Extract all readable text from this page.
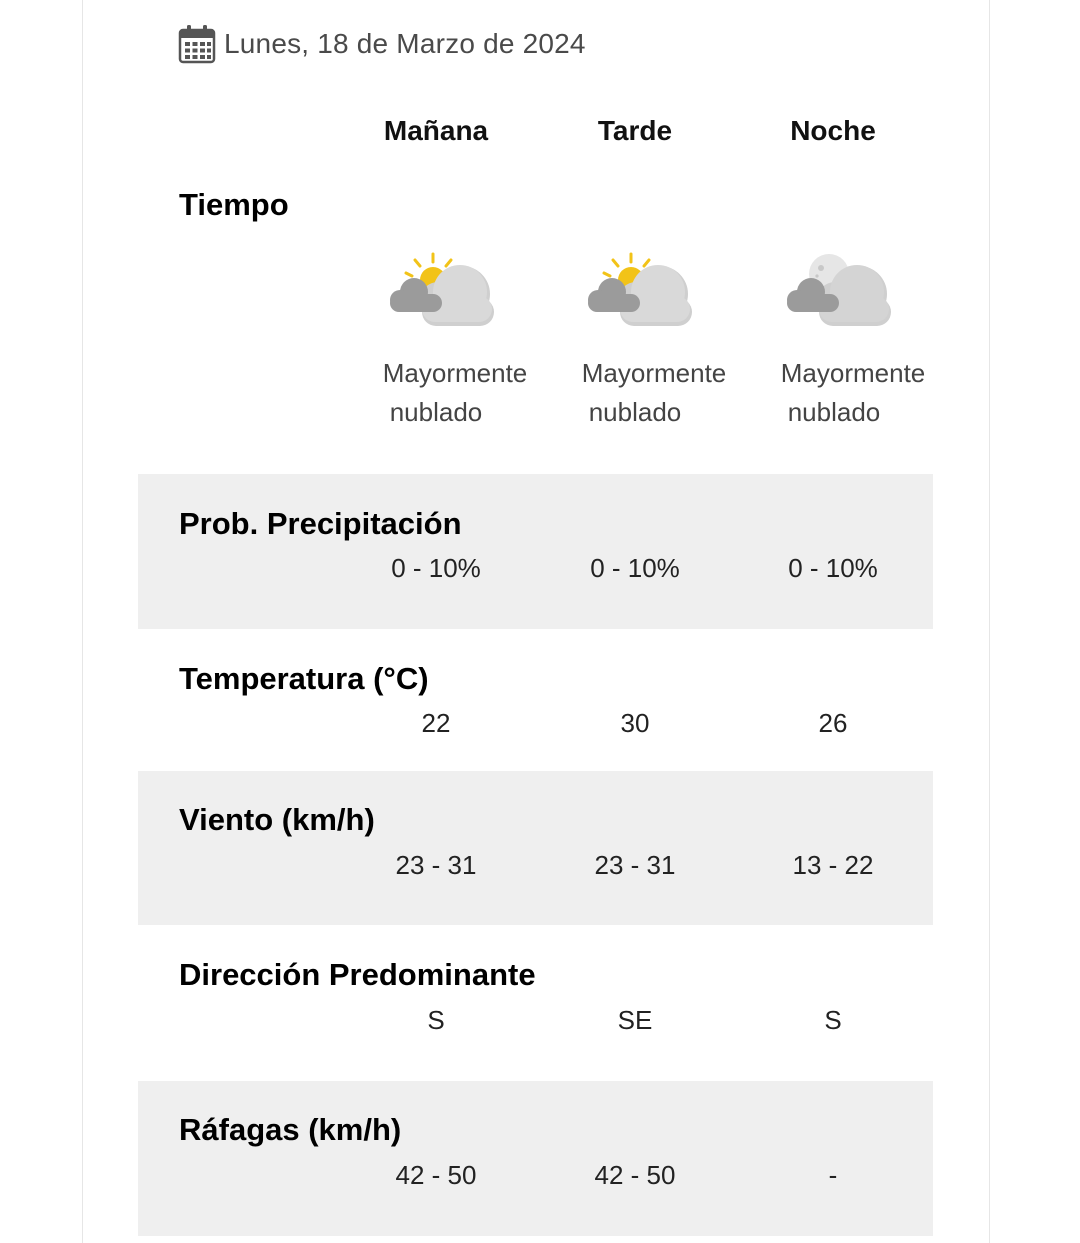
Lunes, 18 de Marzo de 2024
Mañana	Tarde	Noche
Tiempo
Mayormente
nublado
Mayormente
nublado
Mayormente
nublado
Prob. Precipitación
0 - 10%	0 - 10%	0 - 10%
Temperatura (°C)
22	30	26
Viento (km/h)
23 - 31	23 - 31	13 - 22
Dirección Predominante
S	SE	S
Ráfagas (km/h)
42 - 50	42 - 50	-
